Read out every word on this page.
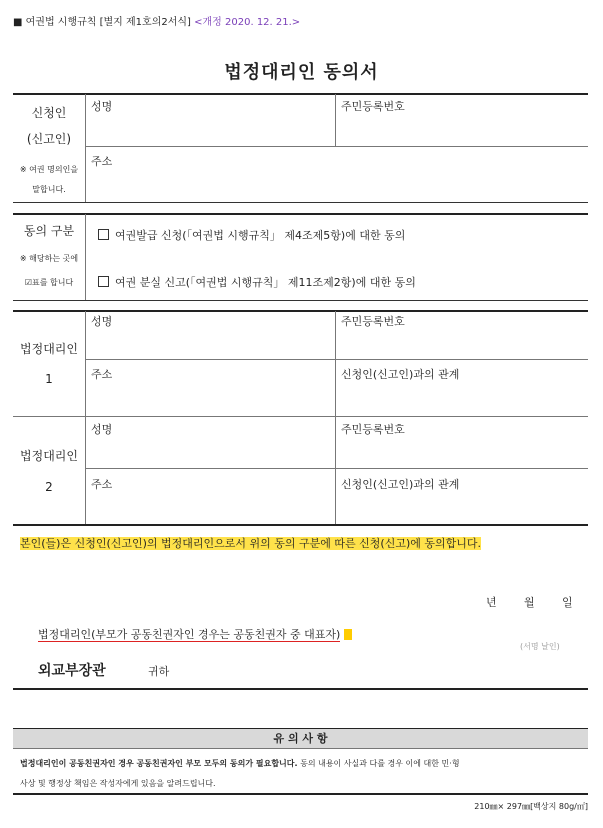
■ 여권법 시행규칙 [별지 제1호의2서식] <개정 2020. 12. 21.>
법정대리인 동의서
신청인
(신고인)
※ 여권 명의인을
말합니다.
성명	주민등록번호
주소
동의 구분
※ 해당하는 곳에
☑표를 합니다
여권발급 신청(「여권법 시행규칙」 제4조제5항)에 대한 동의
여권 분실 신고(「여권법 시행규칙」 제11조제2항)에 대한 동의
법정대리인
1
성명	주민등록번호
주소	신청인(신고인)과의 관계
법정대리인
2
성명	주민등록번호
주소	신청인(신고인)과의 관계
본인(들)은 신청인(신고인)의 법정대리인으로서 위의 동의 구분에 따른 신청(신고)에 동의합니다.
년 월 일
법정대리인(부모가 공동친권자인 경우는 공동친권자 중 대표자)
(서명 날인)
외교부장관	귀하
유 의 사 항
법정대리인이 공동친권자인 경우 공동친권자인 부모 모두의 동의가 필요합니다. 동의 내용이 사실과 다를 경우 이에 대한 민·형
사상 및 행정상 책임은 작성자에게 있음을 알려드립니다.
210㎜× 297㎜[백상지 80g/㎡]
